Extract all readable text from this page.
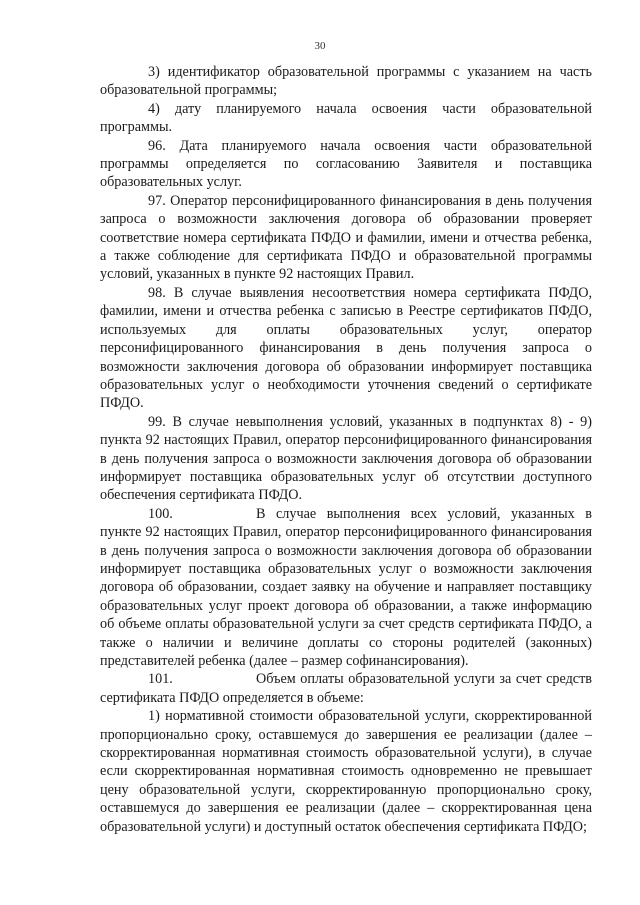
30

3) идентификатор образовательной программы с указанием на часть образовательной программы;

4) дату планируемого начала освоения части образовательной программы.

96. Дата планируемого начала освоения части образовательной программы определяется по согласованию Заявителя и поставщика образовательных услуг.

97. Оператор персонифицированного финансирования в день получения запроса о возможности заключения договора об образовании проверяет соответствие номера сертификата ПФДО и фамилии, имени и отчества ребенка, а также соблюдение для сертификата ПФДО и образовательной программы условий, указанных в пункте 92 настоящих Правил.

98. В случае выявления несоответствия номера сертификата ПФДО, фамилии, имени и отчества ребенка с записью в Реестре сертификатов ПФДО, используемых для оплаты образовательных услуг, оператор персонифицированного финансирования в день получения запроса о возможности заключения договора об образовании информирует поставщика образовательных услуг о необходимости уточнения сведений о сертификате ПФДО.

99. В случае невыполнения условий, указанных в подпунктах 8) - 9) пункта 92 настоящих Правил, оператор персонифицированного финансирования в день получения запроса о возможности заключения договора об образовании информирует поставщика образовательных услуг об отсутствии доступного обеспечения сертификата ПФДО.

100.	В случае выполнения всех условий, указанных в пункте 92 настоящих Правил, оператор персонифицированного финансирования в день получения запроса о возможности заключения договора об образовании информирует поставщика образовательных услуг о возможности заключения договора об образовании, создает заявку на обучение и направляет поставщику образовательных услуг проект договора об образовании, а также информацию об объеме оплаты образовательной услуги за счет средств сертификата ПФДО, а также о наличии и величине доплаты со стороны родителей (законных) представителей ребенка (далее – размер софинансирования).

101.	Объем оплаты образовательной услуги за счет средств сертификата ПФДО определяется в объеме:

1) нормативной стоимости образовательной услуги, скорректированной пропорционально сроку, оставшемуся до завершения ее реализации (далее – скорректированная нормативная стоимость образовательной услуги), в случае если скорректированная нормативная стоимость одновременно не превышает цену образовательной услуги, скорректированную пропорционально сроку, оставшемуся до завершения ее реализации (далее – скорректированная цена образовательной услуги) и доступный остаток обеспечения сертификата ПФДО;
